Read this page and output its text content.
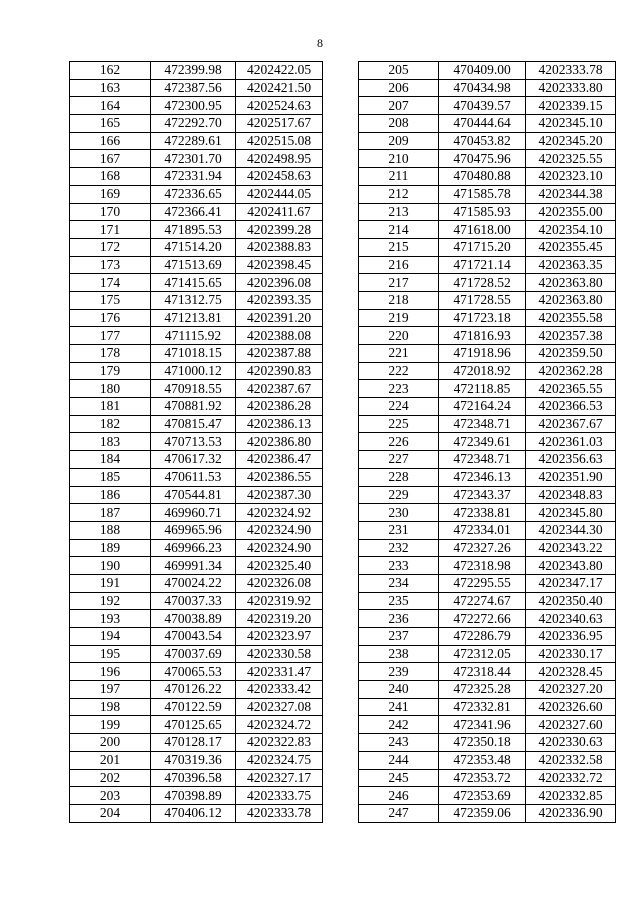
8
162	472399.98	4202422.05
163	472387.56	4202421.50
164	472300.95	4202524.63
165	472292.70	4202517.67
166	472289.61	4202515.08
167	472301.70	4202498.95
168	472331.94	4202458.63
169	472336.65	4202444.05
170	472366.41	4202411.67
171	471895.53	4202399.28
172	471514.20	4202388.83
173	471513.69	4202398.45
174	471415.65	4202396.08
175	471312.75	4202393.35
176	471213.81	4202391.20
177	471115.92	4202388.08
178	471018.15	4202387.88
179	471000.12	4202390.83
180	470918.55	4202387.67
181	470881.92	4202386.28
182	470815.47	4202386.13
183	470713.53	4202386.80
184	470617.32	4202386.47
185	470611.53	4202386.55
186	470544.81	4202387.30
187	469960.71	4202324.92
188	469965.96	4202324.90
189	469966.23	4202324.90
190	469991.34	4202325.40
191	470024.22	4202326.08
192	470037.33	4202319.92
193	470038.89	4202319.20
194	470043.54	4202323.97
195	470037.69	4202330.58
196	470065.53	4202331.47
197	470126.22	4202333.42
198	470122.59	4202327.08
199	470125.65	4202324.72
200	470128.17	4202322.83
201	470319.36	4202324.75
202	470396.58	4202327.17
203	470398.89	4202333.75
204	470406.12	4202333.78
205	470409.00	4202333.78
206	470434.98	4202333.80
207	470439.57	4202339.15
208	470444.64	4202345.10
209	470453.82	4202345.20
210	470475.96	4202325.55
211	470480.88	4202323.10
212	471585.78	4202344.38
213	471585.93	4202355.00
214	471618.00	4202354.10
215	471715.20	4202355.45
216	471721.14	4202363.35
217	471728.52	4202363.80
218	471728.55	4202363.80
219	471723.18	4202355.58
220	471816.93	4202357.38
221	471918.96	4202359.50
222	472018.92	4202362.28
223	472118.85	4202365.55
224	472164.24	4202366.53
225	472348.71	4202367.67
226	472349.61	4202361.03
227	472348.71	4202356.63
228	472346.13	4202351.90
229	472343.37	4202348.83
230	472338.81	4202345.80
231	472334.01	4202344.30
232	472327.26	4202343.22
233	472318.98	4202343.80
234	472295.55	4202347.17
235	472274.67	4202350.40
236	472272.66	4202340.63
237	472286.79	4202336.95
238	472312.05	4202330.17
239	472318.44	4202328.45
240	472325.28	4202327.20
241	472332.81	4202326.60
242	472341.96	4202327.60
243	472350.18	4202330.63
244	472353.48	4202332.58
245	472353.72	4202332.72
246	472353.69	4202332.85
247	472359.06	4202336.90
